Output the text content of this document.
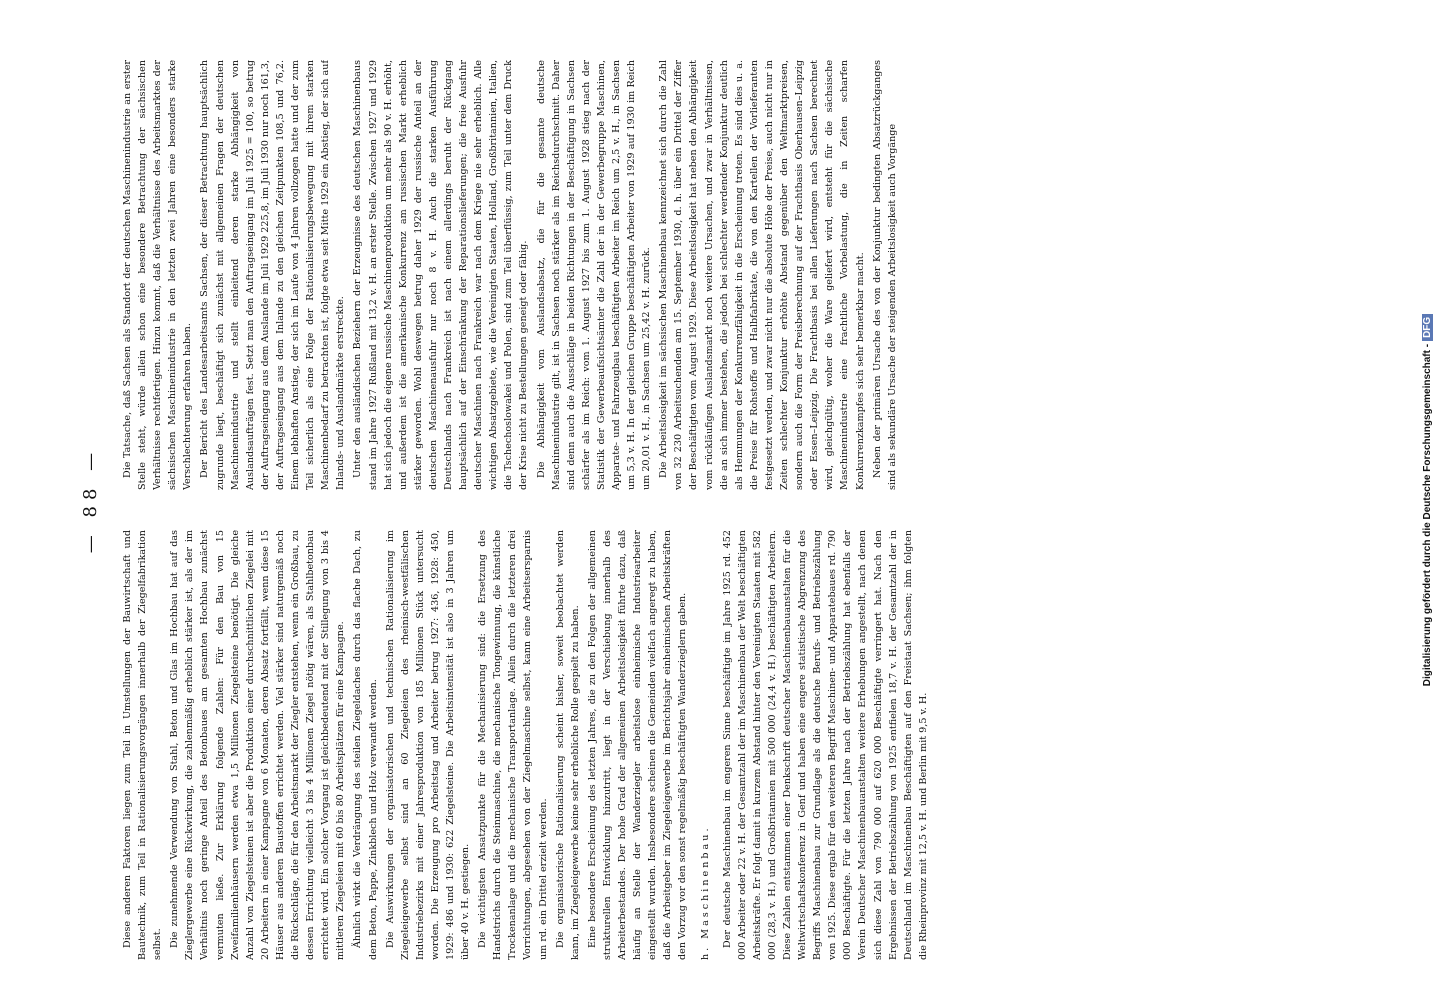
— 88 —

Diese anderen Faktoren liegen zum Teil in Umstellungen der Bauwirtschaft und Bautechnik, zum Teil in Rationalisierungsvorgängen innerhalb der Ziegelfabrikation selbst. Die zunehmende Verwendung von Stahl, Beton und Glas im Hochbau hat auf das Zieglergewerbe eine Rückwirkung, die zahlenmäßig erheblich stärker ist, als der im Verhältnis noch geringe Anteil des Betonbaues am gesamten Hochbau zunächst vermuten ließe. Zur Erklärung folgende Zahlen: Für den Bau von 15 Zweifamilienhäusern werden etwa 1,5 Millionen Ziegelsteine benötigt. Die gleiche Anzahl von Ziegelsteinen ist aber die Produktion einer durchschnittlichen Ziegelei mit 20 Arbeitern in einer Kampagne von 6 Monaten, deren Absatz fortfällt, wenn diese 15 Häuser aus anderen Baustoffen errichtet werden. Viel stärker sind naturgemäß noch die Rückschläge, die für den Arbeitsmarkt der Ziegler entstehen, wenn ein Großbau, zu dessen Errichtung vielleicht 3 bis 4 Millionen Ziegel nötig wären, als Stahlbetonbau errichtet wird. Ein solcher Vorgang ist gleichbedeutend mit der Stillegung von 3 bis 4 mittleren Ziegeleien mit 60 bis 80 Arbeitsplätzen für eine Kampagne. Ähnlich wirkt die Verdrängung des steilen Ziegeldaches durch das flache Dach, zu dem Beton, Pappe, Zinkblech und Holz verwandt werden. Die Auswirkungen der organisatorischen und technischen Rationalisierung im Ziegeleigewerbe selbst sind an 60 Ziegeleien des rheinisch-westfälischen Industriebezirks mit einer Jahresproduktion von 185 Millionen Stück untersucht worden. Die Erzeugung pro Arbeitstag und Arbeiter betrug 1927: 436, 1928: 450, 1929: 486 und 1930: 622 Ziegelsteine. Die Arbeitsintensität ist also in 3 Jahren um über 40 v. H. gestiegen. Die wichtigsten Ansatzpunkte für die Mechanisierung sind: die Ersetzung des Handstrichs durch die Steinmaschine, die mechanische Tongewinnung, die künstliche Trockenanlage und die mechanische Transportanlage. Allein durch die letzteren drei Vorrichtungen, abgesehen von der Ziegelmaschine selbst, kann eine Arbeitsersparnis um rd. ein Drittel erzielt werden. Die organisatorische Rationalisierung scheint bisher, soweit beobachtet werden kann, im Ziegeleigewerbe keine sehr erhebliche Rolle gespielt zu haben. Eine besondere Erscheinung des letzten Jahres, die zu den Folgen der allgemeinen strukturellen Entwicklung hinzutritt, liegt in der Verschiebung innerhalb des Arbeiterbestandes. Der hohe Grad der allgemeinen Arbeitslosigkeit führte dazu, daß häufig an Stelle der Wanderziegler arbeitslose einheimische Industriearbeiter eingestellt wurden. Insbesondere scheinen die Gemeinden vielfach angeregt zu haben, daß die Arbeitgeber im Ziegeleigewerbe im Berichtsjahr einheimischen Arbeitskräften den Vorzug vor den sonst regelmäßig beschäftigten Wanderzieglern gaben. h. Maschinenbau. Der deutsche Maschinenbau im engeren Sinne beschäftigte im Jahre 1925 rd. 452 000 Arbeiter oder 22 v. H. der Gesamtzahl der im Maschinenbau der Welt beschäftigten Arbeitskräfte. Er folgt damit in kurzem Abstand hinter den Vereinigten Staaten mit 582 000 (28,3 v. H.) und Großbritannien mit 500 000 (24,4 v. H.) beschäftigten Arbeitern. Diese Zahlen entstammen einer Denkschrift deutscher Maschinenbauanstalten für die Weltwirtschaftskonferenz in Genf und haben eine engere statistische Abgrenzung des Begriffs Maschinenbau zur Grundlage als die deutsche Berufs- und Betriebszählung von 1925. Diese ergab für den weiteren Begriff Maschinen- und Apparatebaues rd. 790 000 Beschäftigte. Für die letzten Jahre nach der Betriebszählung hat ebenfalls der Verein Deutscher Maschinenbauanstalten weitere Erhebungen angestellt, nach denen sich diese Zahl von 790 000 auf 620 000 Beschäftigte verringert hat. Nach den Ergebnissen der Betriebszählung von 1925 entfielen 18,7 v. H. der Gesamtzahl der in Deutschland im Maschinenbau Beschäftigten auf den Freistaat Sachsen; ihm folgten die Rheinprovinz mit 12,5 v. H. und Berlin mit 9,5 v. H.

Die Tatsache, daß Sachsen als Standort der deutschen Maschinenindustrie an erster Stelle steht, würde allein schon eine besondere Betrachtung der sächsischen Verhältnisse rechtfertigen. Hinzu kommt, daß die Verhältnisse des Arbeitsmarktes der sächsischen Maschinenindustrie in den letzten zwei Jahren eine besonders starke Verschlechterung erfahren haben. Der Bericht des Landesarbeitsamts Sachsen, der dieser Betrachtung hauptsächlich zugrunde liegt, beschäftigt sich zunächst mit allgemeinen Fragen der deutschen Maschinenindustrie und stellt einleitend deren starke Abhängigkeit von Auslandsaufträgen fest. Setzt man den Auftragseingang im Juli 1925 = 100, so betrug der Auftragseingang aus dem Auslande im Juli 1929 225,8, im Juli 1930 nur noch 161,3, der Auftragseingang aus dem Inlande zu den gleichen Zeitpunkten 108,5 und 76,2. Einem lebhaften Anstieg, der sich im Laufe von 4 Jahren vollzogen hatte und der zum Teil sicherlich als eine Folge der Rationalisierungsbewegung mit ihrem starken Maschinenbedarf zu betrachten ist, folgte etwa seit Mitte 1929 ein Abstieg, der sich auf Inlands- und Auslandmärkte erstreckte. Unter den ausländischen Beziehern der Erzeugnisse des deutschen Maschinenbaus stand im Jahre 1927 Rußland mit 13,2 v. H. an erster Stelle. Zwischen 1927 und 1929 hat sich jedoch die eigene russische Maschinenproduktion um mehr als 90 v. H. erhöht, und außerdem ist die amerikanische Konkurrenz am russischen Markt erheblich stärker geworden. Wohl deswegen betrug daher 1929 der russische Anteil an der deutschen Maschinenausfuhr nur noch 8 v. H. Auch die starken Ausführung Deutschlands nach Frankreich ist nach einem allerdings beruht der Rückgang hauptsächlich auf der Einschränkung der Reparationslieferungen; die freie Ausfuhr deutscher Maschinen nach Frankreich war nach dem Kriege nie sehr erheblich. Alle wichtigen Absatzgebiete, wie die Vereinigten Staaten, Holland, Großbritannien, Italien, die Tschechoslowakei und Polen, sind zum Teil überflüssig, zum Teil unter dem Druck der Krise nicht zu Bestellungen geneigt oder fähig. Die Abhängigkeit vom Auslandsabsatz, die für die gesamte deutsche Maschinenindustrie gilt, ist in Sachsen noch stärker als im Reichsdurchschnitt. Daher sind denn auch die Ausschläge in beiden Richtungen in der Beschäftigung in Sachsen schärfer als im Reich: vom 1. August 1927 bis zum 1. August 1928 stieg nach der Statistik der Gewerbeaufsichtsämter die Zahl der in der Gewerbegruppe Maschinen, Apparate- und Fahrzeugbau beschäftigten Arbeiter im Reich um 2,5 v. H., in Sachsen um 5,3 v. H. In der gleichen Gruppe beschäftigten Arbeiter von 1929 auf 1930 im Reich um 20,01 v. H., in Sachsen um 25,42 v. H. zurück. Die Arbeitslosigkeit im sächsischen Maschinenbau kennzeichnet sich durch die Zahl von 32 230 Arbeitsuchenden am 15. September 1930, d. h. über ein Drittel der Ziffer der Beschäftigten vom August 1929. Diese Arbeitslosigkeit hat neben den Abhängigkeit vom rückläufigen Auslandsmarkt noch weitere Ursachen, und zwar in Verhältnissen, die an sich immer bestehen, die jedoch bei schlechter werdender Konjunktur deutlich als Hemmungen der Konkurrenzfähigkeit in die Erscheinung treten. Es sind dies u. a. die Preise für Rohstoffe und Halbfabrikate, die von den Kartellen der Vorlieferanten festgesetzt werden, und zwar nicht nur die absolute Höhe der Preise, auch nicht nur in Zeiten schlechter Konjunktur erhöhte Abstand gegenüber den Weltmarktpreisen, sondern auch die Form der Preisberechnung auf der Frachtbasis Oberhausen–Leipzig oder Essen–Leipzig. Die Frachtbasis bei allen Lieferungen nach Sachsen berechnet wird, gleichgültig, woher die Ware geliefert wird, entsteht für die sächsische Maschinenindustrie eine frachtliche Vorbelastung, die in Zeiten scharfen Konkurrenzkampfes sich sehr bemerkbar macht. Neben der primären Ursache des von der Konjunktur bedingten Absatzrückganges sind als sekundäre Ursache der steigenden Arbeitslosigkeit auch Vorgänge

Digitalisierung gefördert durch die Deutsche Forschungsgemeinschaft -DFG
